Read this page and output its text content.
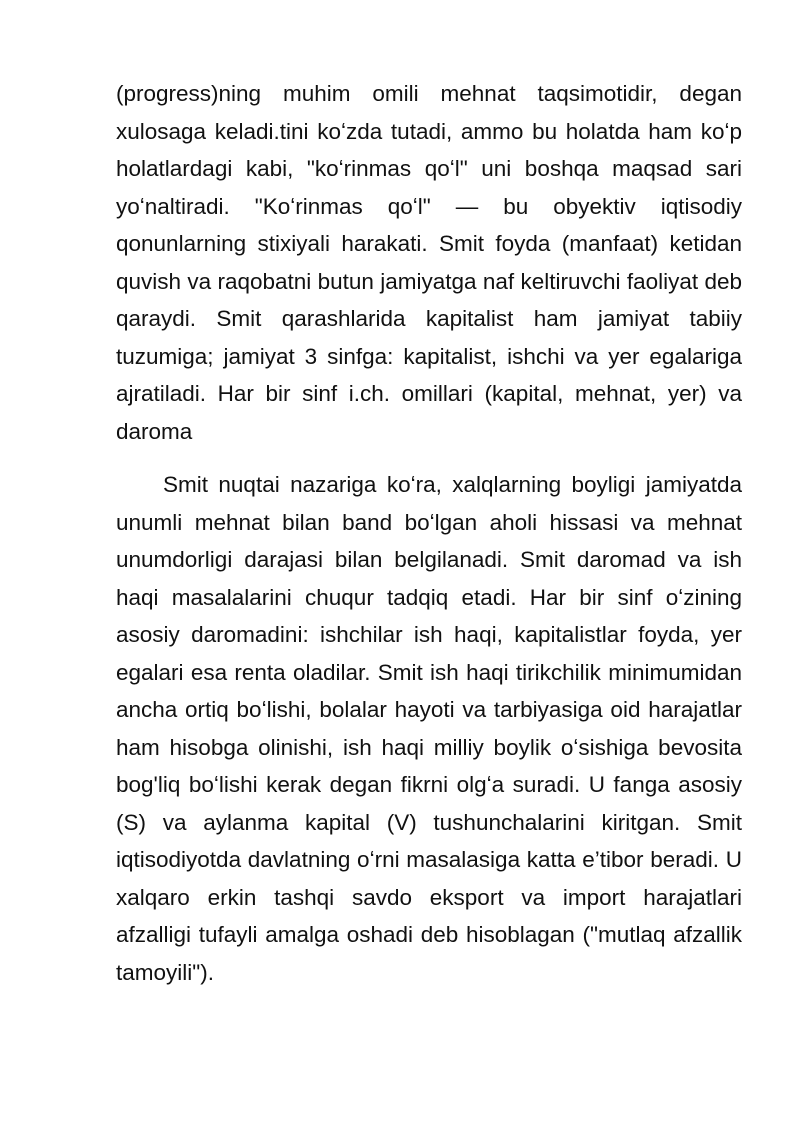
(progress)ning muhim omili mehnat taqsimotidir, degan xulosaga keladi.tini koʻzda tutadi, ammo bu holatda ham koʻp holatlardagi kabi, "koʻrinmas qoʻl" uni boshqa maqsad sari yoʻnaltiradi. "Koʻrinmas qoʻl" — bu obyektiv iqtisodiy qonunlarning stixiyali harakati. Smit foyda (manfaat) ketidan quvish va raqobatni butun jamiyatga naf keltiruvchi faoliyat deb qaraydi. Smit qarashlarida kapitalist ham jamiyat tabiiy tuzumiga; jamiyat 3 sinfga: kapitalist, ishchi va yer egalariga ajratiladi. Har bir sinf i.ch. omillari (kapital, mehnat, yer) va daroma

Smit nuqtai nazariga koʻra, xalqlarning boyligi jamiyatda unumli mehnat bilan band boʻlgan aholi hissasi va mehnat unumdorligi darajasi bilan belgilanadi. Smit daromad va ish haqi masalalarini chuqur tadqiq etadi. Har bir sinf oʻzining asosiy daromadini: ishchilar ish haqi, kapitalistlar foyda, yer egalari esa renta oladilar. Smit ish haqi tirikchilik minimumidan ancha ortiq boʻlishi, bolalar hayoti va tarbiyasiga oid harajatlar ham hisobga olinishi, ish haqi milliy boylik oʻsishiga bevosita bog'liq boʻlishi kerak degan fikrni olgʻa suradi. U fanga asosiy (S) va aylanma kapital (V) tushunchalarini kiritgan. Smit iqtisodiyotda davlatning oʻrni masalasiga katta e’tibor beradi. U xalqaro erkin tashqi savdo eksport va import harajatlari afzalligi tufayli amalga oshadi deb hisoblagan ("mutlaq afzallik tamoyili").
